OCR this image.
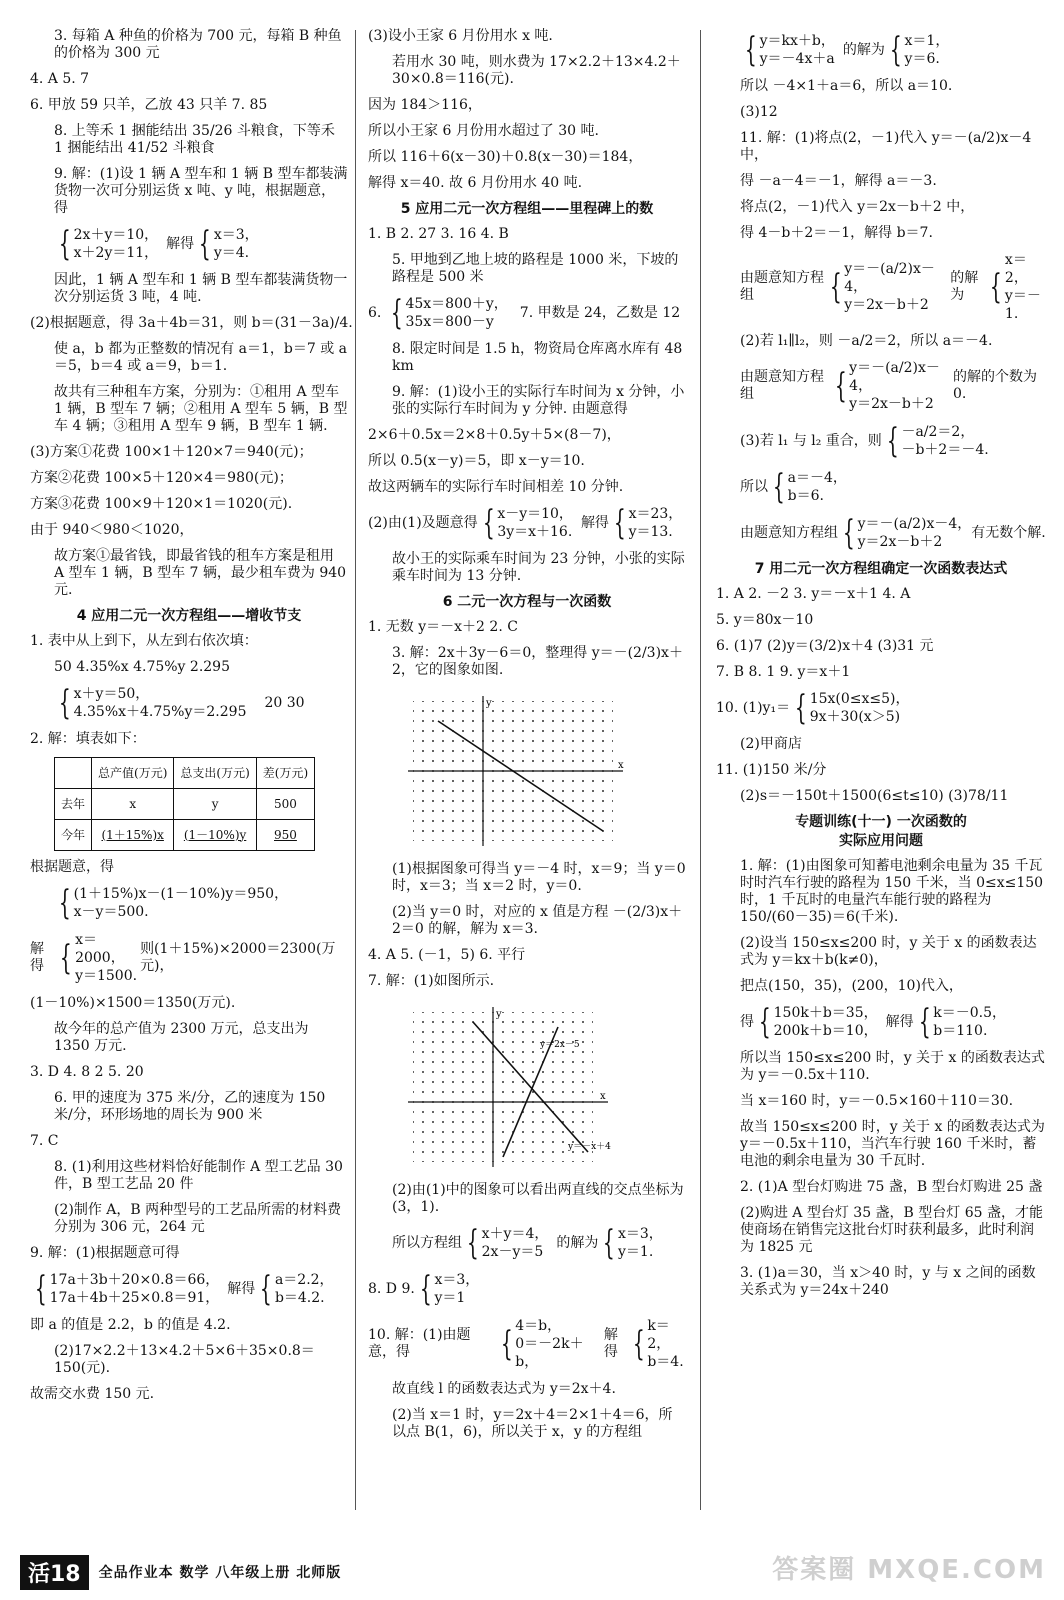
3. 每箱 A 种鱼的价格为 700 元，每箱 B 种鱼的价格为 300 元
4. A 5. 7
6. 甲放 59 只羊，乙放 43 只羊 7. 85
8. 上等禾 1 捆能结出 35/26 斗粮食，下等禾 1 捆能结出 41/52 斗粮食
9. 解：(1)设 1 辆 A 型车和 1 辆 B 型车都装满货物一次可分别运货 x 吨、y 吨，根据题意，得
{ 2x＋y＝10，
x＋2y＝11，
解得 { x＝3，
y＝4.
因此，1 辆 A 型车和 1 辆 B 型车都装满货物一次分别运货 3 吨，4 吨.
(2)根据题意，得 3a＋4b＝31，则 b＝(31－3a)/4.
使 a，b 都为正整数的情况有 a＝1，b＝7 或 a＝5，b＝4 或 a＝9，b＝1.
故共有三种租车方案，分别为：①租用 A 型车 1 辆，B 型车 7 辆；②租用 A 型车 5 辆，B 型车 4 辆；③租用 A 型车 9 辆，B 型车 1 辆.
(3)方案①花费 100×1＋120×7＝940(元)；
方案②花费 100×5＋120×4＝980(元)；
方案③花费 100×9＋120×1＝1020(元).
由于 940＜980＜1020，
故方案①最省钱，即最省钱的租车方案是租用 A 型车 1 辆，B 型车 7 辆，最少租车费为 940 元.
4 应用二元一次方程组——增收节支
1. 表中从上到下，从左到右依次填：
50 4.35%x 4.75%y 2.295
{ x＋y＝50，
4.35%x＋4.75%y＝2.295
20 30
2. 解：填表如下：
	总产值(万元)	总支出(万元)	差(万元)
去年	x	y	500
今年	(1＋15%)x	(1－10%)y	950
根据题意，得
{ (1＋15%)x－(1－10%)y＝950，
x－y＝500.
解得 { x＝2000，
y＝1500.
则(1＋15%)×2000＝2300(万元)，
(1－10%)×1500＝1350(万元).
故今年的总产值为 2300 万元，总支出为 1350 万元.
3. D 4. 8 2 5. 20
6. 甲的速度为 375 米/分，乙的速度为 150 米/分，环形场地的周长为 900 米
7. C
8. (1)利用这些材料恰好能制作 A 型工艺品 30 件，B 型工艺品 20 件
(2)制作 A，B 两种型号的工艺品所需的材料费分别为 306 元，264 元
9. 解：(1)根据题意可得
{ 17a＋3b＋20×0.8＝66，
17a＋4b＋25×0.8＝91，
解得 { a＝2.2，
b＝4.2.
即 a 的值是 2.2，b 的值是 4.2.
(2)17×2.2＋13×4.2＋5×6＋35×0.8＝150(元).
故需交水费 150 元.
(3)设小王家 6 月份用水 x 吨.
若用水 30 吨，则水费为 17×2.2＋13×4.2＋30×0.8＝116(元).
因为 184＞116，
所以小王家 6 月份用水超过了 30 吨.
所以 116＋6(x－30)＋0.8(x－30)＝184，
解得 x＝40. 故 6 月份用水 40 吨.
5 应用二元一次方程组——里程碑上的数
1. B 2. 27 3. 16 4. B
5. 甲地到乙地上坡的路程是 1000 米，下坡的路程是 500 米
6. { 45x＝800＋y，
35x＝800－y
7. 甲数是 24，乙数是 12
8. 限定时间是 1.5 h，物资局仓库离水库有 48 km
9. 解：(1)设小王的实际行车时间为 x 分钟，小张的实际行车时间为 y 分钟. 由题意得
2×6＋0.5x＝2×8＋0.5y＋5×(8－7)，
所以 0.5(x－y)＝5，即 x－y＝10.
故这两辆车的实际行车时间相差 10 分钟.
(2)由(1)及题意得 { x－y＝10，
3y＝x＋16.
解得 { x＝23，
y＝13.
故小王的实际乘车时间为 23 分钟，小张的实际乘车时间为 13 分钟.
6 二元一次方程与一次函数
1. 无数 y＝－x＋2 2. C
3. 解：2x＋3y－6＝0，整理得 y＝－(2/3)x＋2，它的图象如图.
y
x
(1)根据图象可得当 y＝－4 时，x＝9；当 y＝0 时，x＝3；当 x＝2 时，y＝0.
(2)当 y＝0 时，对应的 x 值是方程 －(2/3)x＋2＝0 的解，解为 x＝3.
4. A 5. (－1，5) 6. 平行
7. 解：(1)如图所示.
y
x
y＝2x－5
y＝－x＋4
(2)由(1)中的图象可以看出两直线的交点坐标为(3，1).
所以方程组 { x＋y＝4，
2x－y＝5
的解为 { x＝3，
y＝1.
8. D 9. { x＝3，
y＝1
10. 解：(1)由题意，得	{ 4＝b，
0＝－2k＋b，
解得 { k＝2，
b＝4.
故直线 l 的函数表达式为 y＝2x＋4.
(2)当 x＝1 时，y＝2x＋4＝2×1＋4＝6，所以点 B(1，6)，所以关于 x，y 的方程组
{ y＝kx＋b，
y＝－4x＋a
的解为 { x＝1，
y＝6.
所以 －4×1＋a＝6，所以 a＝10.
(3)12
11. 解：(1)将点(2，－1)代入 y＝－(a/2)x－4 中，
得 －a－4＝－1，解得 a＝－3.
将点(2，－1)代入 y＝2x－b＋2 中，
得 4－b＋2＝－1，解得 b＝7.
由题意知方程组	{ y＝－(a/2)x－4，
y＝2x－b＋2
的解为 {
x＝2，
y＝－1.
(2)若 l₁∥l₂，则 －a/2＝2，所以 a＝－4.
由题意知方程组	{ y＝－(a/2)x－4，
y＝2x－b＋2
的解的个数为 0.
(3)若 l₁ 与 l₂ 重合，则 { －a/2＝2，
－b＋2＝－4.
所以 { a＝－4，
b＝6.
由题意知方程组 { y＝－(a/2)x－4，
y＝2x－b＋2
有无数个解.
7 用二元一次方程组确定一次函数表达式
1. A 2. －2 3. y＝－x＋1 4. A
5. y＝80x－10
6. (1)7 (2)y＝(3/2)x＋4 (3)31 元
7. B 8. 1 9. y＝x＋1
10. (1)y₁＝ { 15x(0≤x≤5)，
9x＋30(x＞5)
(2)甲商店
11. (1)150 米/分
(2)s＝－150t＋1500(6≤t≤10) (3)78/11
专题训练(十一) 一次函数的
实际应用问题
1. 解：(1)由图象可知蓄电池剩余电量为 35 千瓦时时汽车行驶的路程为 150 千米，当 0≤x≤150 时，1 千瓦时的电量汽车能行驶的路程为 150/(60－35)＝6(千米).
(2)设当 150≤x≤200 时，y 关于 x 的函数表达式为 y＝kx＋b(k≠0)，
把点(150，35)，(200，10)代入，
得 { 150k＋b＝35，
200k＋b＝10，
解得 { k＝－0.5，
b＝110.
所以当 150≤x≤200 时，y 关于 x 的函数表达式为 y＝－0.5x＋110.
当 x＝160 时，y＝－0.5×160＋110＝30.
故当 150≤x≤200 时，y 关于 x 的函数表达式为 y＝－0.5x＋110，当汽车行驶 160 千米时，蓄电池的剩余电量为 30 千瓦时.
2. (1)A 型台灯购进 75 盏，B 型台灯购进 25 盏
(2)购进 A 型台灯 35 盏，B 型台灯 65 盏，才能使商场在销售完这批台灯时获利最多，此时利润为 1825 元
3. (1)a＝30，当 x＞40 时，y 与 x 之间的函数关系式为 y＝24x＋240
活18	全品作业本 数学 八年级上册 北师版	答案圈 MXQE.COM
